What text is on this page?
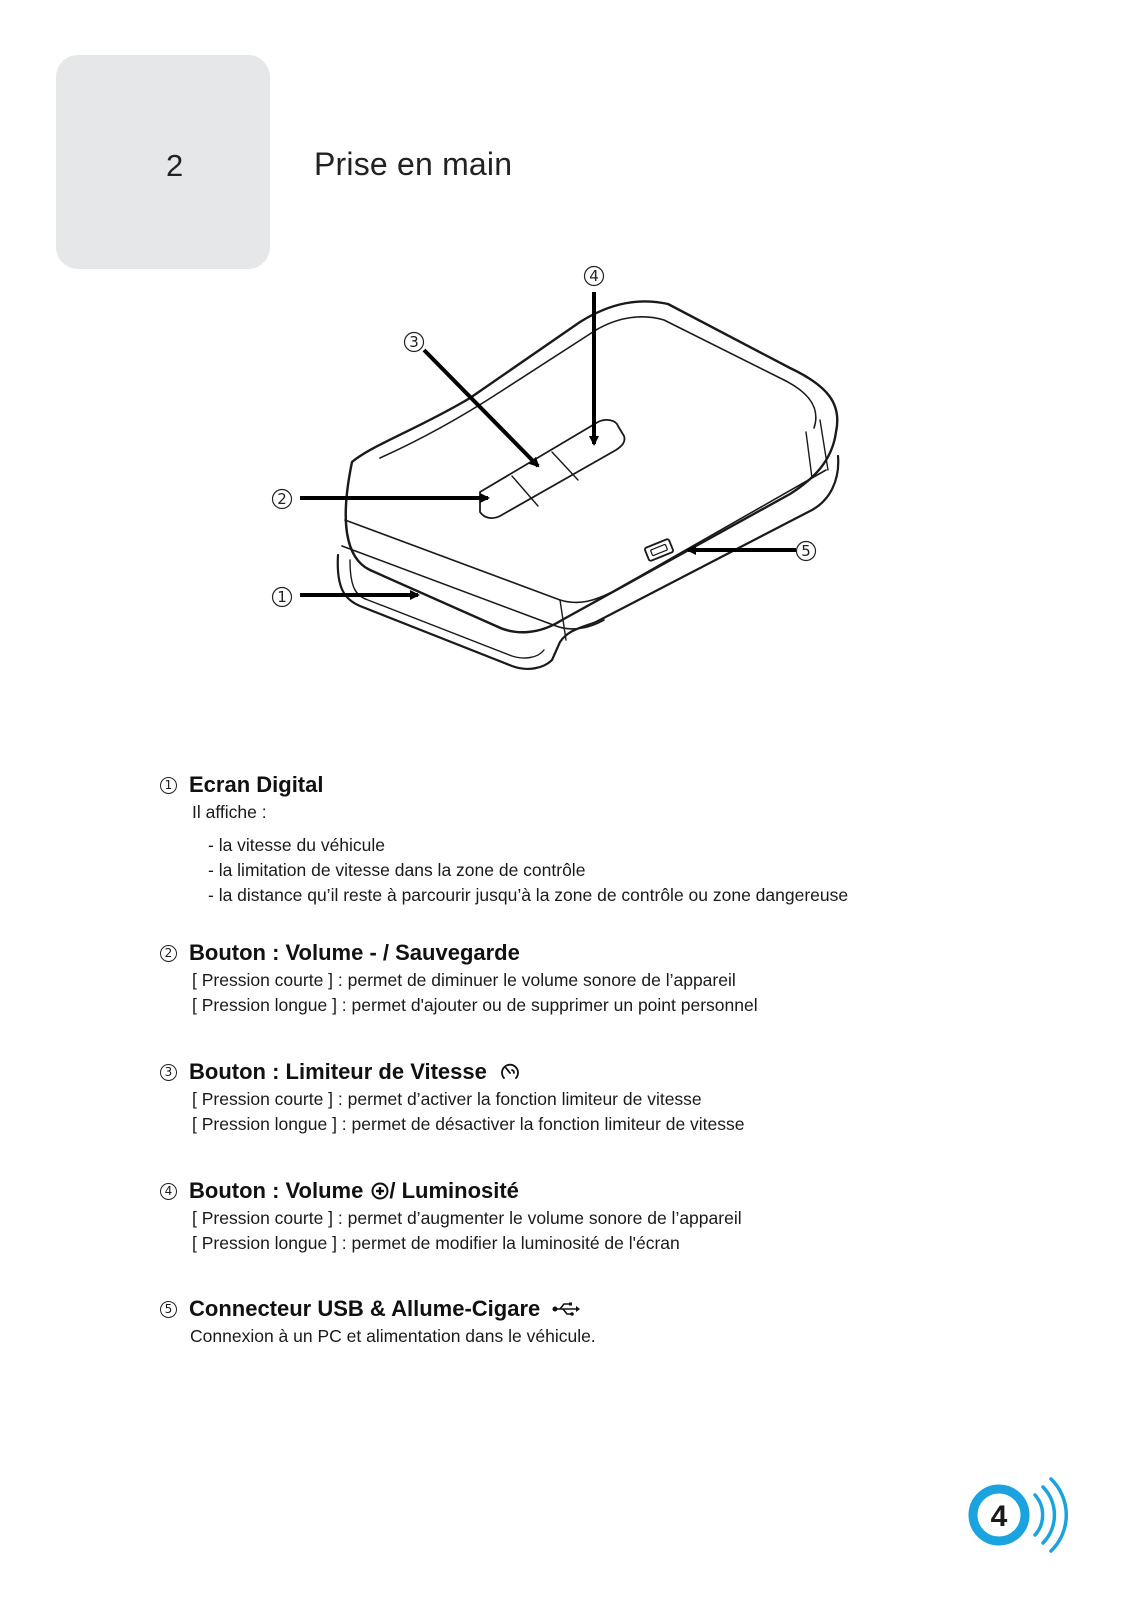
2	Prise en main
1
2
3
4
5
1 Ecran Digital
Il affiche :
- la vitesse du véhicule
- la limitation de vitesse dans la zone de contrôle
- la distance qu’il reste à parcourir jusqu’à la zone de contrôle ou zone dangereuse
2 Bouton : Volume - / Sauvegarde
[ Pression courte ] : permet de diminuer le volume sonore de l’appareil
[ Pression longue ] : permet d'ajouter ou de supprimer un point personnel
3 Bouton : Limiteur de Vitesse
[ Pression courte ] : permet d’activer la fonction limiteur de vitesse
[ Pression longue ] : permet de désactiver la fonction limiteur de vitesse
4 Bouton : Volume / Luminosité
[ Pression courte ] : permet d’augmenter le volume sonore de l’appareil
[ Pression longue ] : permet de modifier la luminosité de l'écran
5 Connecteur USB & Allume-Cigare
Connexion à un PC et alimentation dans le véhicule.
4
